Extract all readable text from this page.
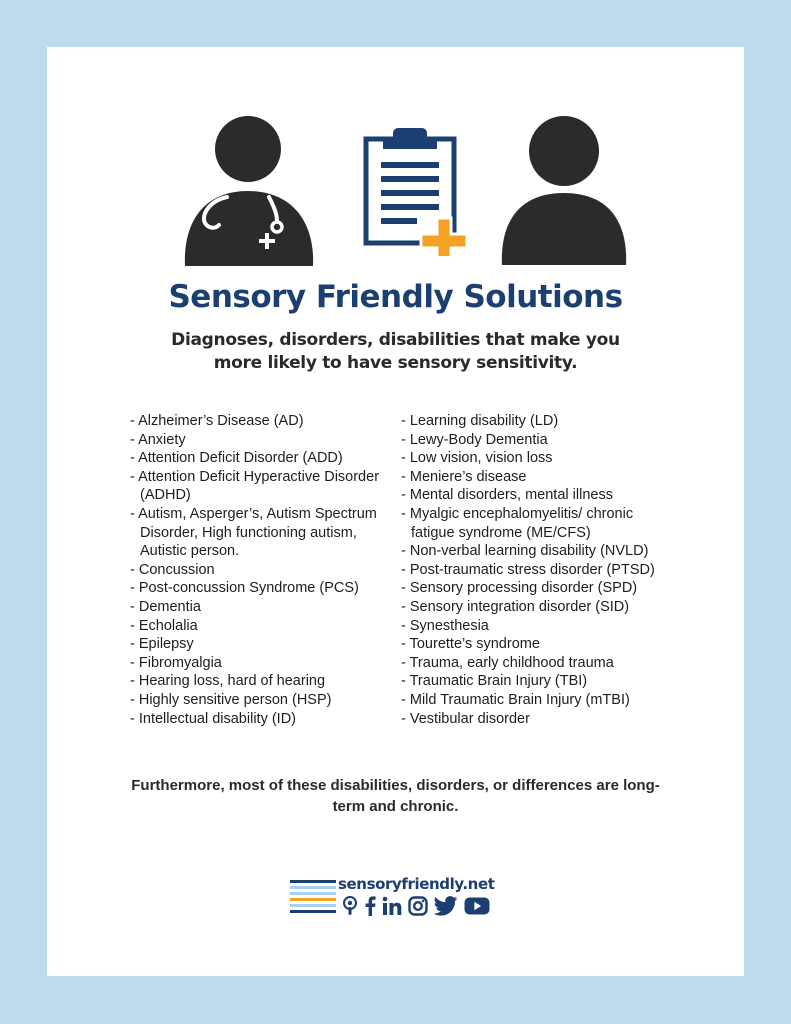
Sensory Friendly Solutions
Diagnoses, disorders, disabilities that make you more likely to have sensory sensitivity.
- Alzheimer’s Disease (AD)
- Anxiety
- Attention Deficit Disorder (ADD)
- Attention Deficit Hyperactive Disorder (ADHD)
- Autism, Asperger’s, Autism Spectrum Disorder, High functioning autism, Autistic person.
- Concussion
- Post-concussion Syndrome (PCS)
- Dementia
- Echolalia
- Epilepsy
- Fibromyalgia
- Hearing loss, hard of hearing
- Highly sensitive person (HSP)
- Intellectual disability (ID)
- Learning disability (LD)
- Lewy-Body Dementia
- Low vision, vision loss
- Meniere’s disease
- Mental disorders, mental illness
- Myalgic encephalomyelitis/ chronic fatigue syndrome (ME/CFS)
- Non-verbal learning disability (NVLD)
- Post-traumatic stress disorder (PTSD)
- Sensory processing disorder (SPD)
- Sensory integration disorder (SID)
- Synesthesia
- Tourette’s syndrome
- Trauma, early childhood trauma
- Traumatic Brain Injury (TBI)
- Mild Traumatic Brain Injury (mTBI)
- Vestibular disorder
Furthermore, most of these disabilities, disorders, or differences are long-term and chronic.
sensoryfriendly.net
